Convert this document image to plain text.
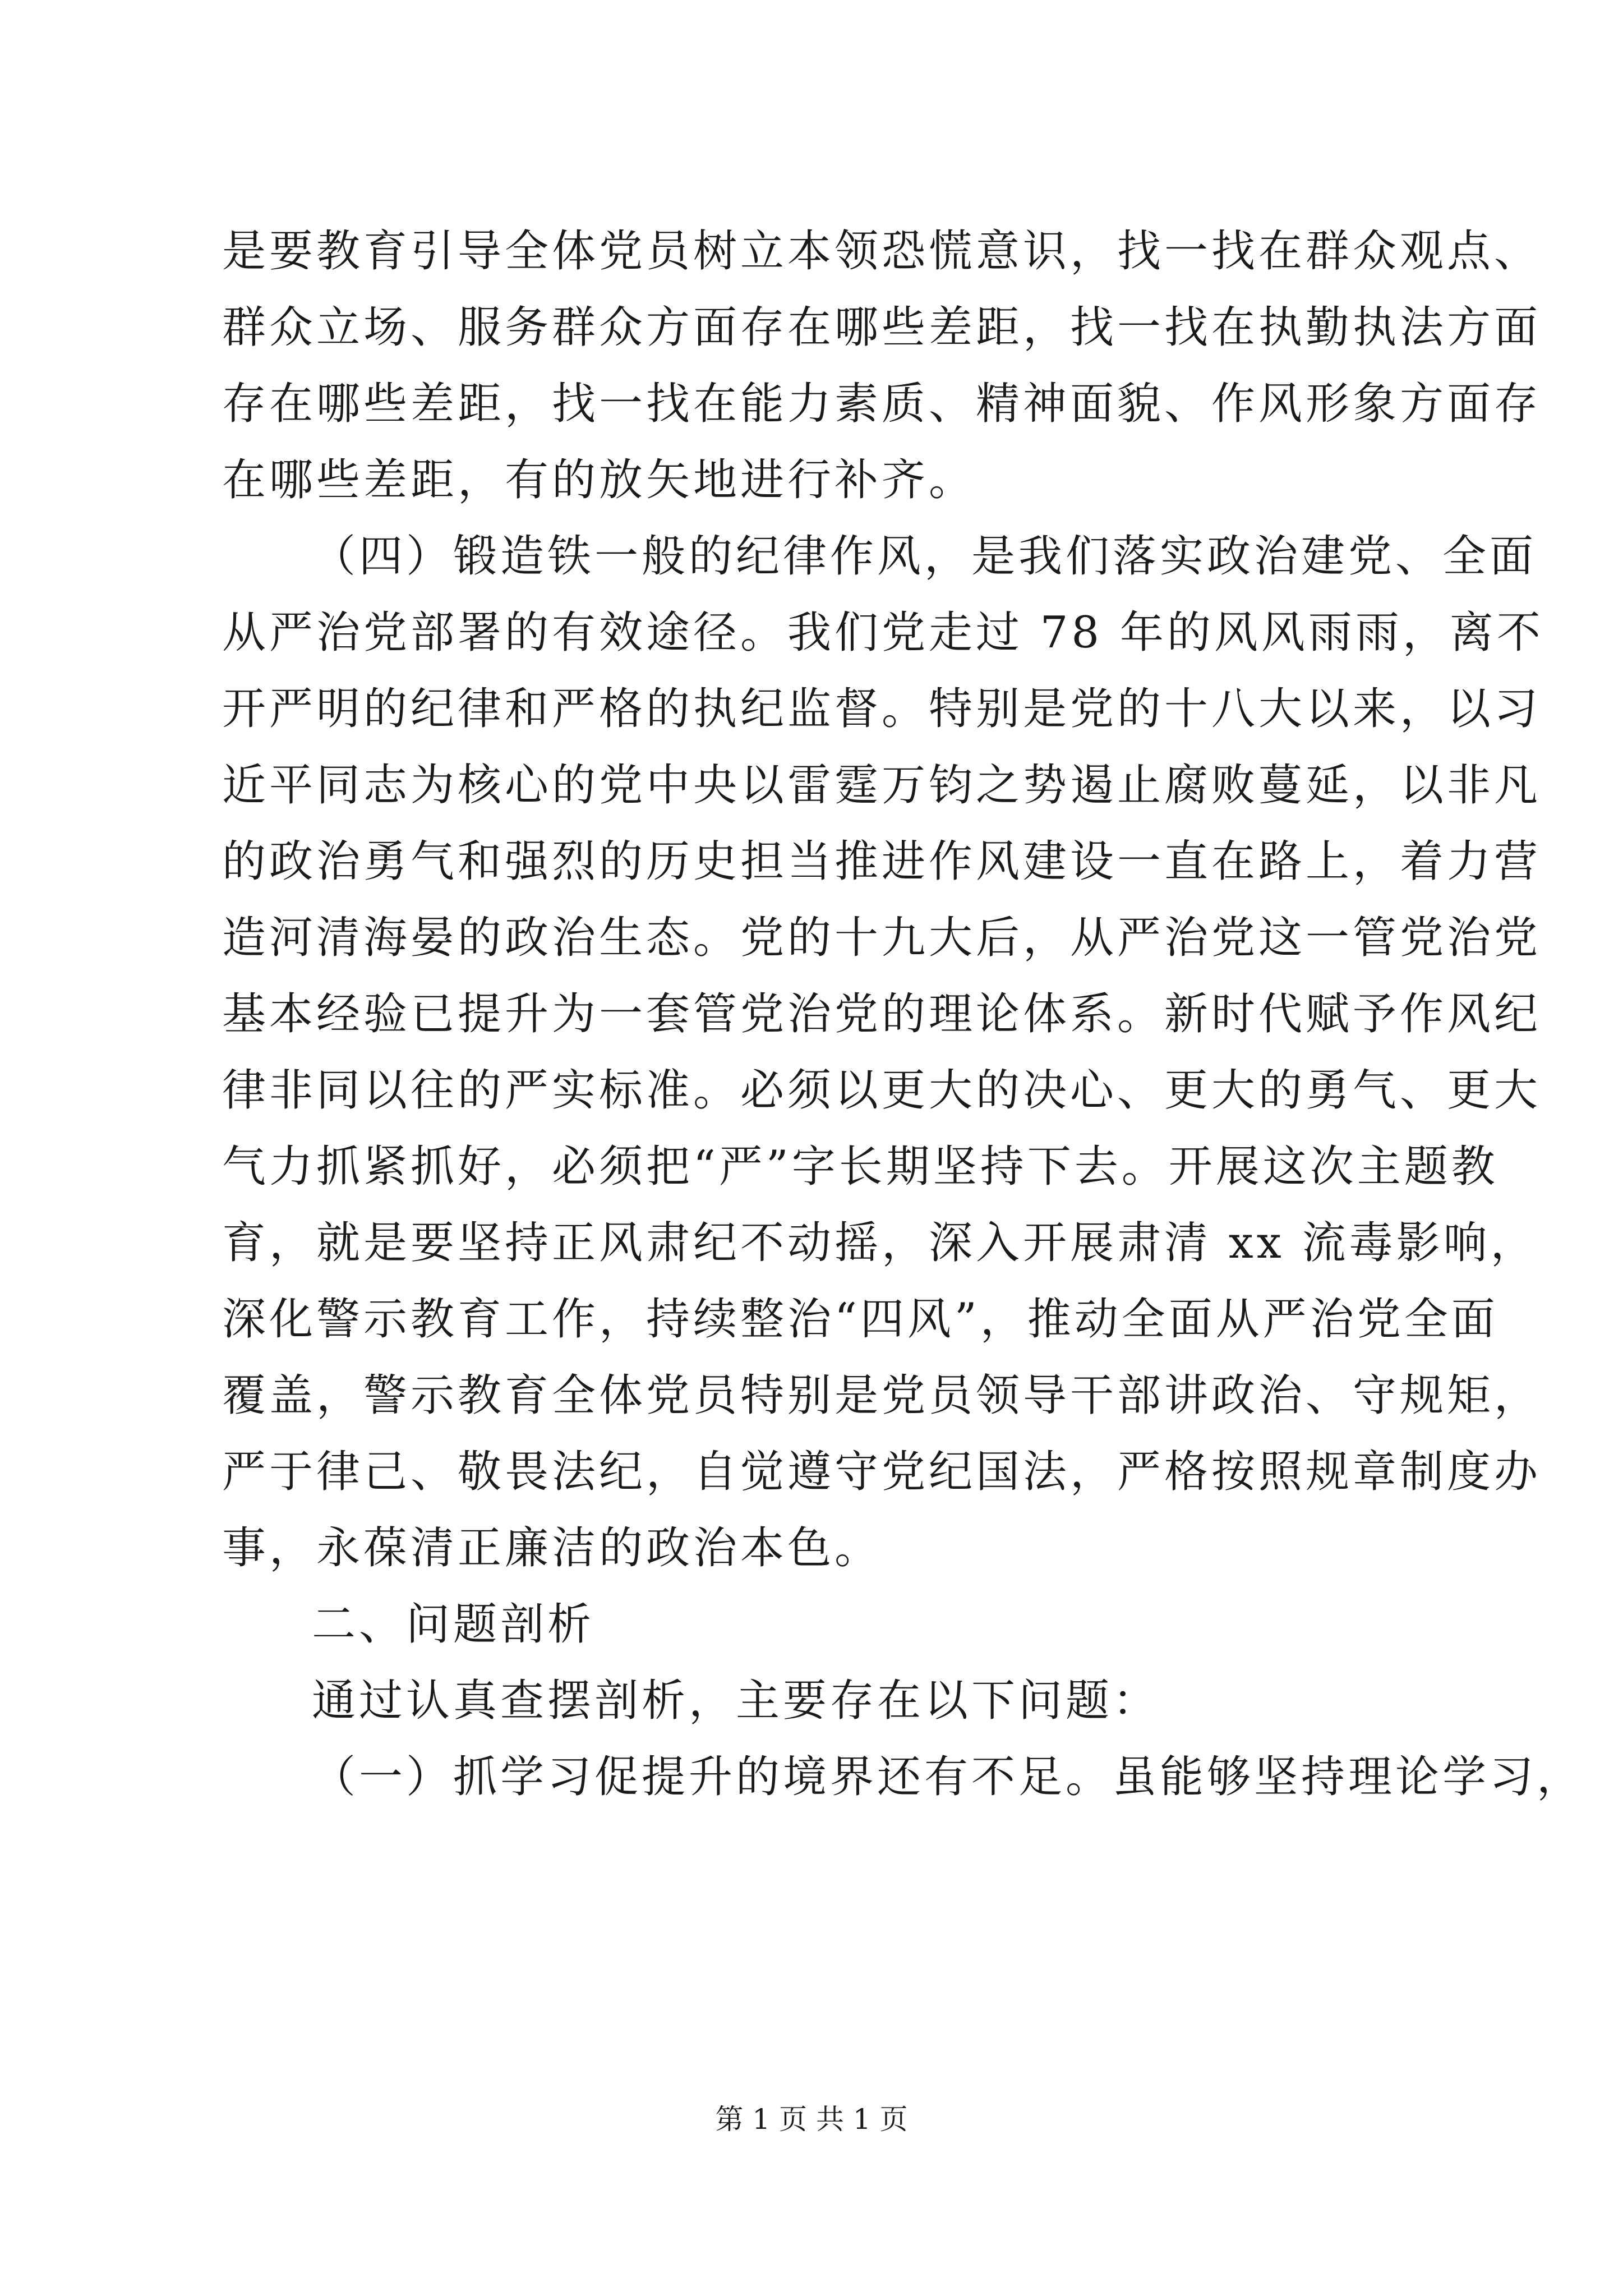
是要教育引导全体党员树立本领恐慌意识，找一找在群众观点、
群众立场、服务群众方面存在哪些差距，找一找在执勤执法方面
存在哪些差距，找一找在能力素质、精神面貌、作风形象方面存
在哪些差距，有的放矢地进行补齐。
（四）锻造铁一般的纪律作风，是我们落实政治建党、全面
从严治党部署的有效途径。我们党走过 78 年的风风雨雨，离不
开严明的纪律和严格的执纪监督。特别是党的十八大以来，以习
近平同志为核心的党中央以雷霆万钧之势遏止腐败蔓延，以非凡
的政治勇气和强烈的历史担当推进作风建设一直在路上，着力营
造河清海晏的政治生态。党的十九大后，从严治党这一管党治党
基本经验已提升为一套管党治党的理论体系。新时代赋予作风纪
律非同以往的严实标准。必须以更大的决心、更大的勇气、更大
气力抓紧抓好，必须把“严”字长期坚持下去。开展这次主题教
育，就是要坚持正风肃纪不动摇，深入开展肃清 xx 流毒影响，
深化警示教育工作，持续整治“四风”，推动全面从严治党全面
覆盖，警示教育全体党员特别是党员领导干部讲政治、守规矩，
严于律己、敬畏法纪，自觉遵守党纪国法，严格按照规章制度办
事，永葆清正廉洁的政治本色。
二、问题剖析
通过认真查摆剖析，主要存在以下问题：
（一）抓学习促提升的境界还有不足。虽能够坚持理论学习，
第 1 页 共 1 页
